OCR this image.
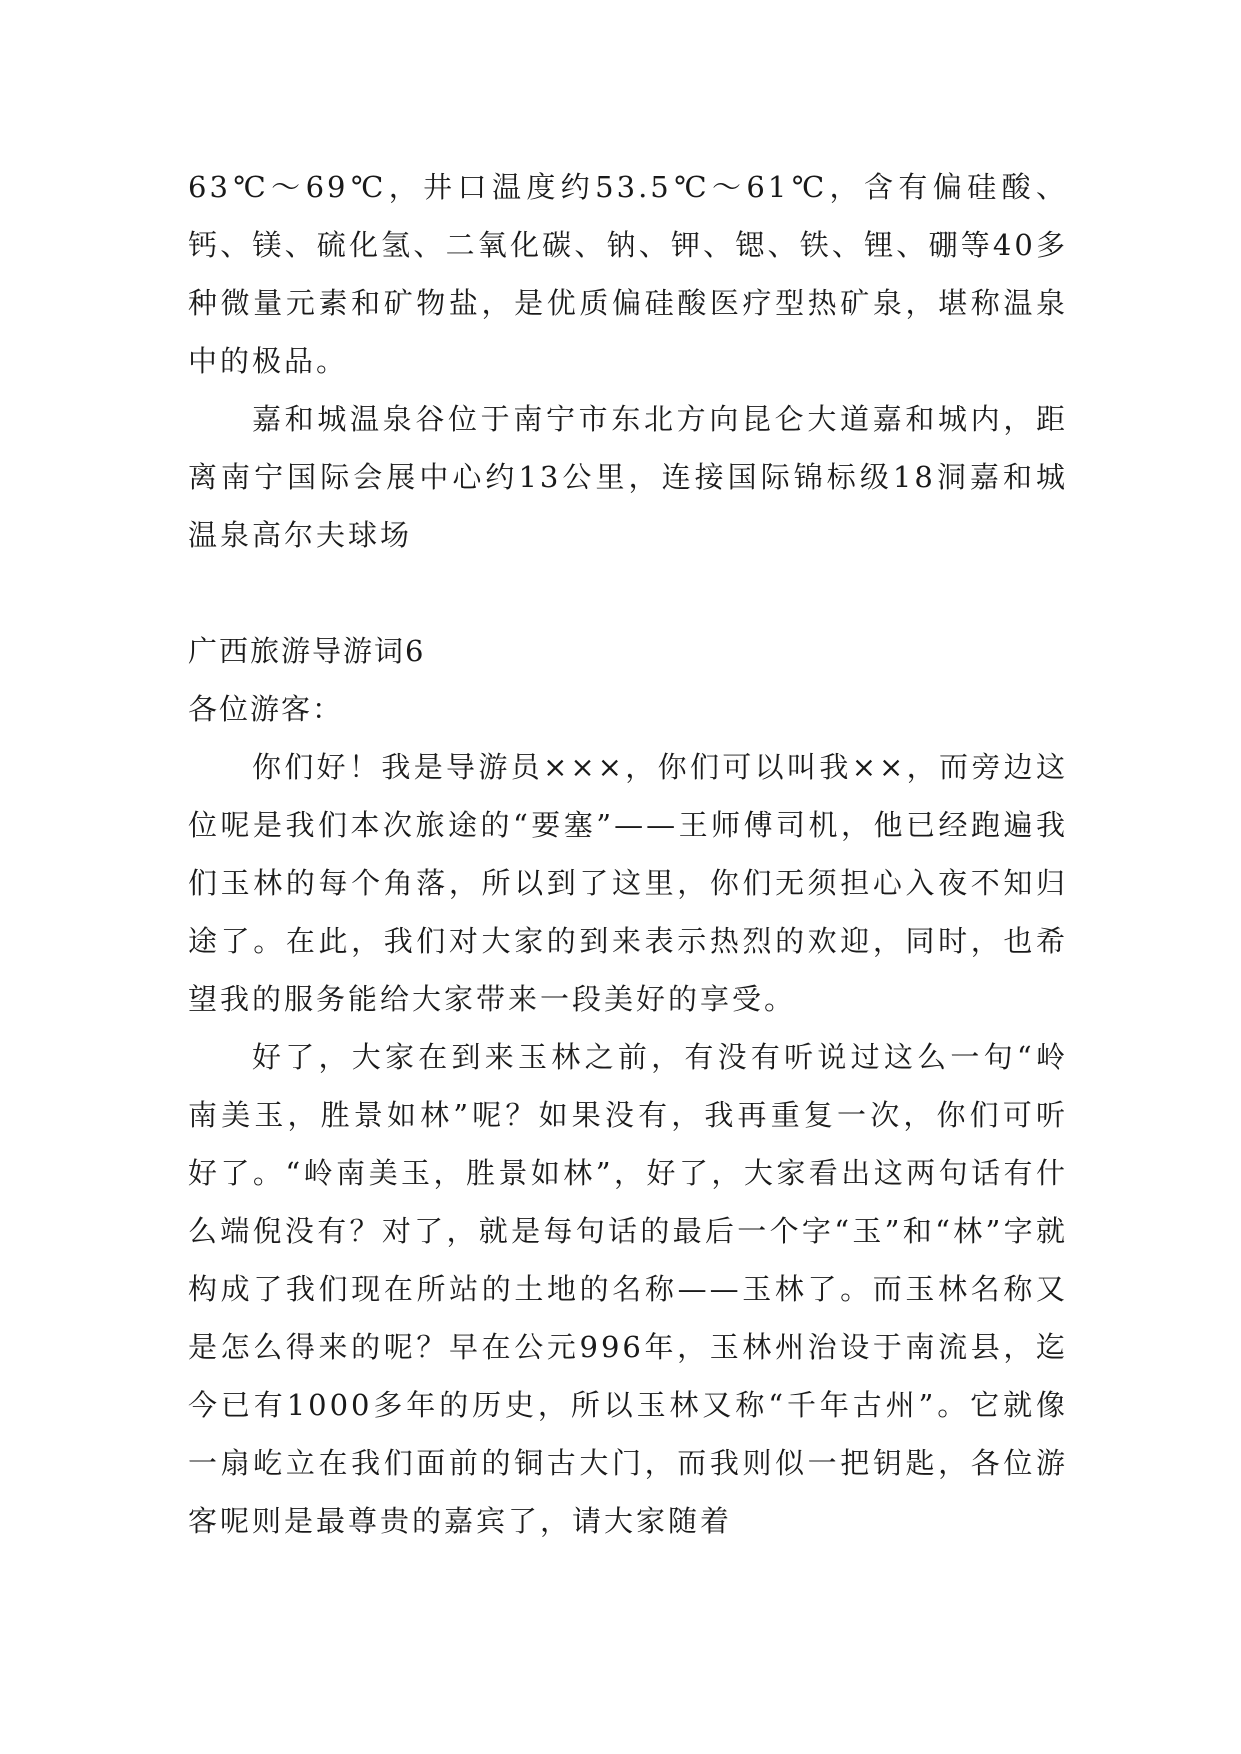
63℃～69℃，井口温度约53.5℃～61℃，含有偏硅酸、钙、镁、硫化氢、二氧化碳、钠、钾、锶、铁、锂、硼等40多种微量元素和矿物盐，是优质偏硅酸医疗型热矿泉，堪称温泉中的极品。

嘉和城温泉谷位于南宁市东北方向昆仑大道嘉和城内，距离南宁国际会展中心约13公里，连接国际锦标级18洞嘉和城温泉高尔夫球场

广西旅游导游词6

各位游客：

你们好！我是导游员×××，你们可以叫我××，而旁边这位呢是我们本次旅途的“要塞”——王师傅司机，他已经跑遍我们玉林的每个角落，所以到了这里，你们无须担心入夜不知归途了。在此，我们对大家的到来表示热烈的欢迎，同时，也希望我的服务能给大家带来一段美好的享受。

好了，大家在到来玉林之前，有没有听说过这么一句“岭南美玉，胜景如林”呢？如果没有，我再重复一次，你们可听好了。“岭南美玉，胜景如林”，好了，大家看出这两句话有什么端倪没有？对了，就是每句话的最后一个字“玉”和“林”字就构成了我们现在所站的土地的名称——玉林了。而玉林名称又是怎么得来的呢？早在公元996年，玉林州治设于南流县，迄今已有1000多年的历史，所以玉林又称“千年古州”。它就像一扇屹立在我们面前的铜古大门，而我则似一把钥匙，各位游客呢则是最尊贵的嘉宾了，请大家随着
